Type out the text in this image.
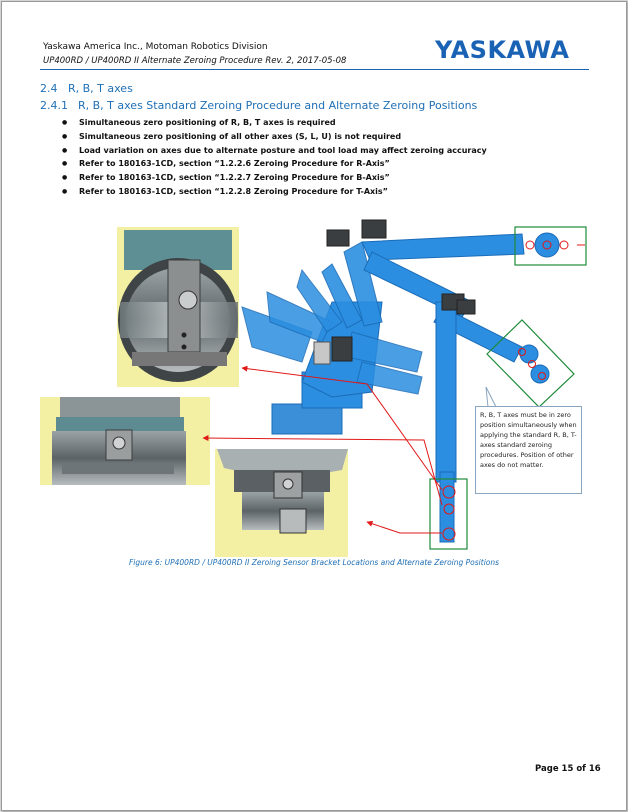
Yaskawa America Inc., Motoman Robotics Division
UP400RD / UP400RD II Alternate Zeroing Procedure Rev. 2, 2017-05-08	YASKAWA
2.4 R, B, T axes
2.4.1 R, B, T axes Standard Zeroing Procedure and Alternate Zeroing Positions
● Simultaneous zero positioning of R, B, T axes is required
● Simultaneous zero positioning of all other axes (S, L, U) is not required
● Load variation on axes due to alternate posture and tool load may affect zeroing accuracy
● Refer to 180163-1CD, section “1.2.2.6 Zeroing Procedure for R-Axis”
● Refer to 180163-1CD, section “1.2.2.7 Zeroing Procedure for B-Axis”
● Refer to 180163-1CD, section “1.2.2.8 Zeroing Procedure for T-Axis”
R, B, T axes must be in zero position simultaneously when applying the standard R, B, T-axes standard zeroing procedures. Position of other axes do not matter.
Figure 6: UP400RD / UP400RD II Zeroing Sensor Bracket Locations and Alternate Zeroing Positions
Page 15 of 16
